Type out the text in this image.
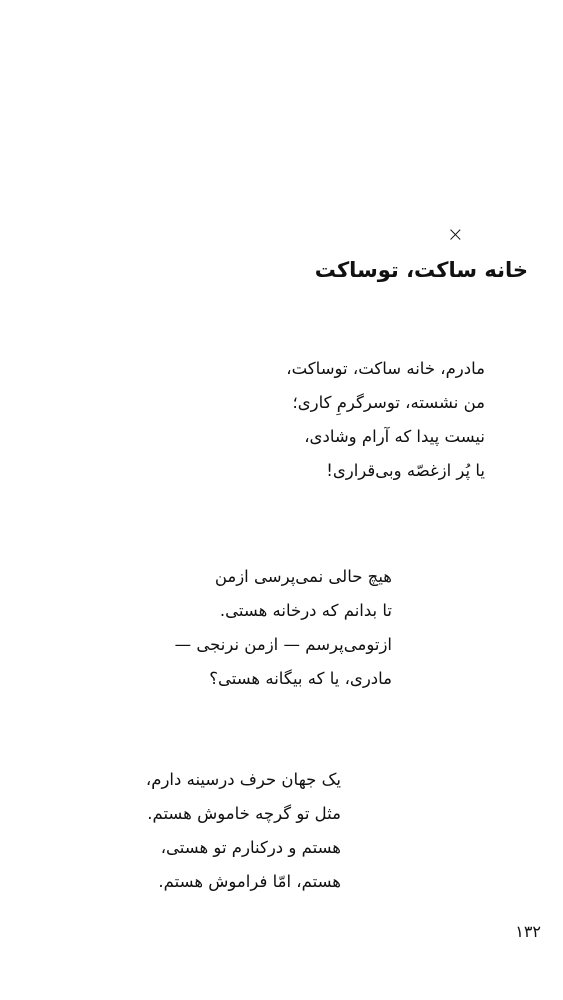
×
خانه ساکت، توساکت
مادرم، خانه ساکت، توساکت،
من نشسته، توسرگرمِ کاری؛
نیست پیدا که آرام وشادی،
یا پُر ازغصّه وبی‌قراری!
هیچ حالی نمی‌پرسی ازمن
تا بدانم که درخانه هستی.
ازتومی‌پرسم — ازمن نرنجی —
مادری، یا که بیگانه هستی؟
یک جهان حرف درسینه دارم،
مثل تو گرچه خاموش هستم.
هستم و درکنارم تو هستی،
هستم، امّا فراموش هستم.
۱۳۲
